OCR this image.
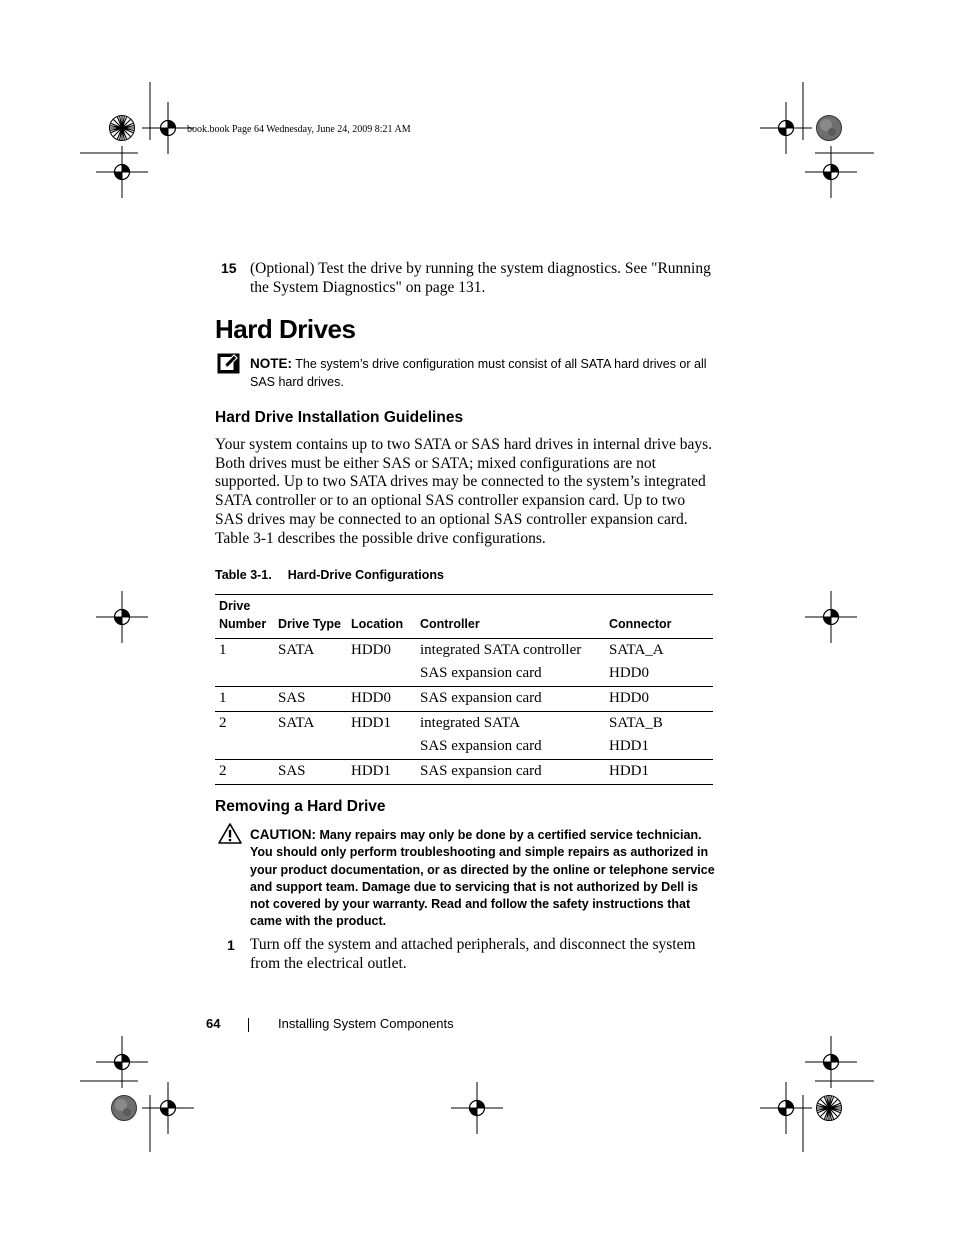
book.book Page 64 Wednesday, June 24, 2009 8:21 AM
15 (Optional) Test the drive by running the system diagnostics. See "Running the System Diagnostics" on page 131.
Hard Drives
NOTE: The system’s drive configuration must consist of all SATA hard drives or all SAS hard drives.
Hard Drive Installation Guidelines
Your system contains up to two SATA or SAS hard drives in internal drive bays. Both drives must be either SAS or SATA; mixed configurations are not supported. Up to two SATA drives may be connected to the system’s integrated SATA controller or to an optional SAS controller expansion card. Up to two SAS drives may be connected to an optional SAS controller expansion card. Table 3-1 describes the possible drive configurations.
Table 3-1. Hard-Drive Configurations
Drive Number	Drive Type	Location	Controller	Connector
1	SATA	HDD0	integrated SATA controller	SATA_A
			SAS expansion card	HDD0
1	SAS	HDD0	SAS expansion card	HDD0
2	SATA	HDD1	integrated SATA	SATA_B
			SAS expansion card	HDD1
2	SAS	HDD1	SAS expansion card	HDD1
Removing a Hard Drive
CAUTION: Many repairs may only be done by a certified service technician. You should only perform troubleshooting and simple repairs as authorized in your product documentation, or as directed by the online or telephone service and support team. Damage due to servicing that is not authorized by Dell is not covered by your warranty. Read and follow the safety instructions that came with the product.
1 Turn off the system and attached peripherals, and disconnect the system from the electrical outlet.
64	Installing System Components
